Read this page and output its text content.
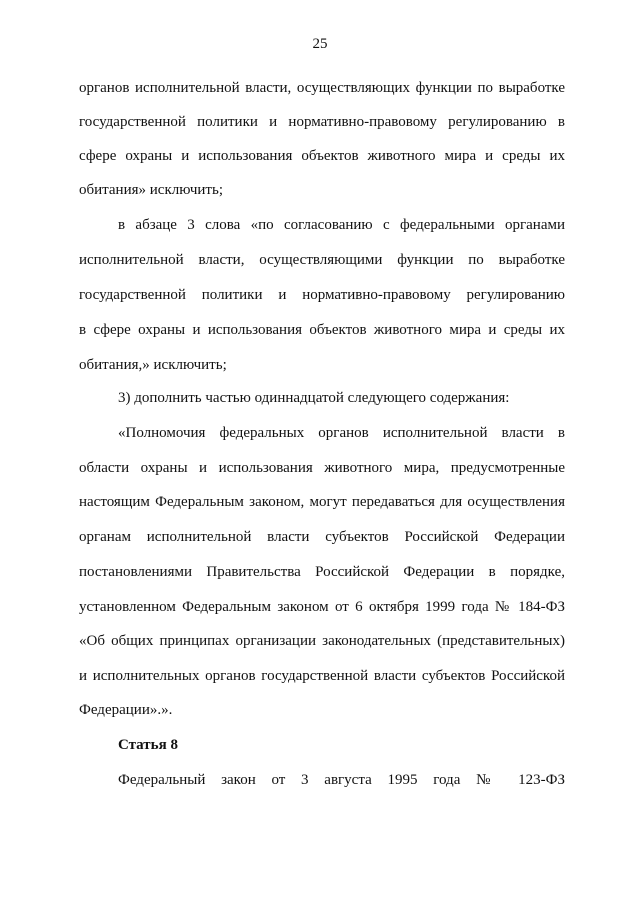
25
органов исполнительной власти, осуществляющих функции по выработке
государственной политики и нормативно-правовому регулированию в
сфере охраны и использования объектов животного мира и среды их
обитания» исключить;
в абзаце 3 слова «по согласованию с федеральными органами
исполнительной власти, осуществляющими функции по выработке
государственной политики и нормативно-правовому регулированию
в сфере охраны и использования объектов животного мира и среды их
обитания,» исключить;
3) дополнить частью одиннадцатой следующего содержания:
«Полномочия федеральных органов исполнительной власти в
области охраны и использования животного мира, предусмотренные
настоящим Федеральным законом, могут передаваться для осуществления
органам исполнительной власти субъектов Российской Федерации
постановлениями Правительства Российской Федерации в порядке,
установленном Федеральным законом от 6 октября 1999 года № 184-ФЗ
«Об общих принципах организации законодательных (представительных)
и исполнительных органов государственной власти субъектов Российской
Федерации».».
Статья 8
Федеральный закон от 3 августа 1995 года № 123-ФЗ
